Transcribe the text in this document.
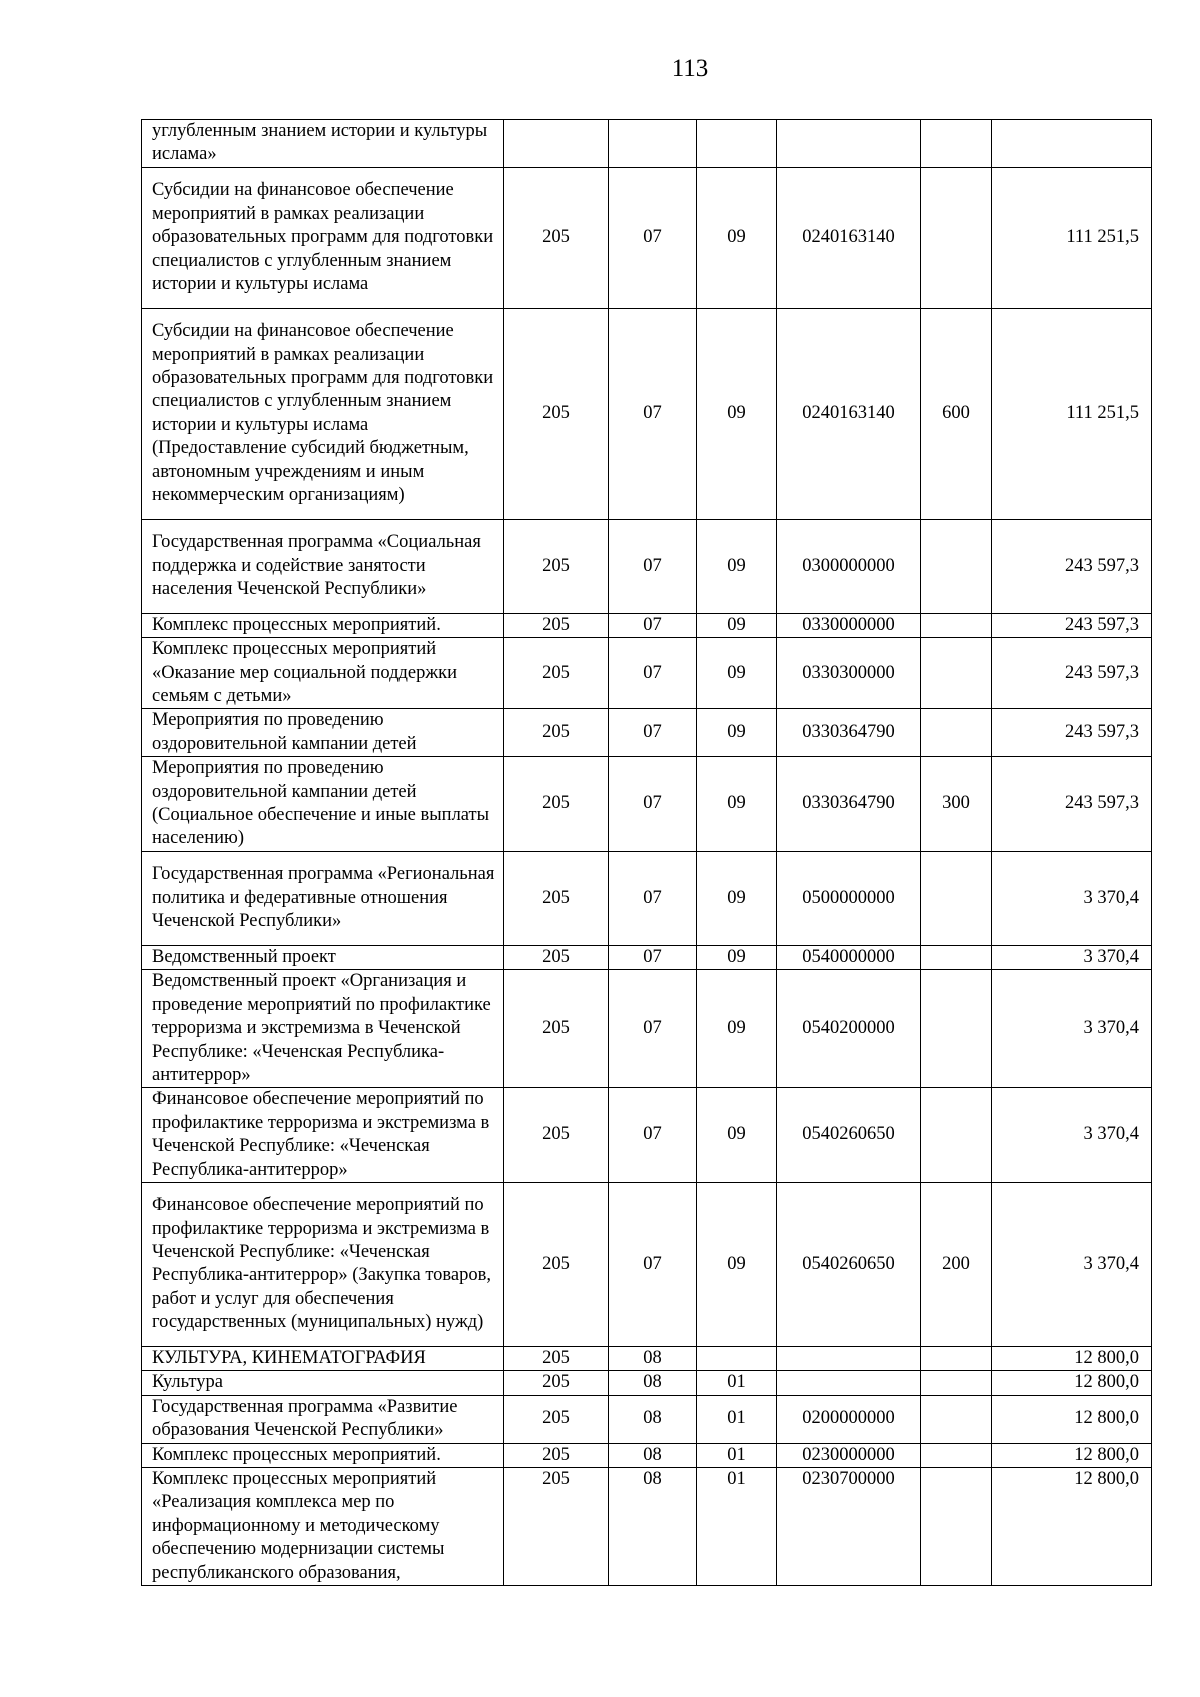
113
углубленным знанием истории и культуры ислама»						
Субсидии на финансовое обеспечение мероприятий в рамках реализации образовательных программ для подготовки специалистов с углубленным знанием истории и культуры ислама	205	07	09	0240163140		111 251,5
Субсидии на финансовое обеспечение мероприятий в рамках реализации образовательных программ для подготовки специалистов с углубленным знанием истории и культуры ислама (Предоставление субсидий бюджетным, автономным учреждениям и иным некоммерческим организациям)	205	07	09	0240163140	600	111 251,5
Государственная программа «Социальная поддержка и содействие занятости населения Чеченской Республики»	205	07	09	0300000000		243 597,3
Комплекс процессных мероприятий.	205	07	09	0330000000		243 597,3
Комплекс процессных мероприятий «Оказание мер социальной поддержки семьям с детьми»	205	07	09	0330300000		243 597,3
Мероприятия по проведению оздоровительной кампании детей	205	07	09	0330364790		243 597,3
Мероприятия по проведению оздоровительной кампании детей (Социальное обеспечение и иные выплаты населению)	205	07	09	0330364790	300	243 597,3
Государственная программа «Региональная политика и федеративные отношения Чеченской Республики»	205	07	09	0500000000		3 370,4
Ведомственный проект	205	07	09	0540000000		3 370,4
Ведомственный проект «Организация и проведение мероприятий по профилактике терроризма и экстремизма в Чеченской Республике: «Чеченская Республика-антитеррор»	205	07	09	0540200000		3 370,4
Финансовое обеспечение мероприятий по профилактике терроризма и экстремизма в Чеченской Республике: «Чеченская Республика-антитеррор»	205	07	09	0540260650		3 370,4
Финансовое обеспечение мероприятий по профилактике терроризма и экстремизма в Чеченской Республике: «Чеченская Республика-антитеррор» (Закупка товаров, работ и услуг для обеспечения государственных (муниципальных) нужд)	205	07	09	0540260650	200	3 370,4
КУЛЬТУРА, КИНЕМАТОГРАФИЯ	205	08				12 800,0
Культура	205	08	01			12 800,0
Государственная программа «Развитие образования Чеченской Республики»	205	08	01	0200000000		12 800,0
Комплекс процессных мероприятий.	205	08	01	0230000000		12 800,0
Комплекс процессных мероприятий «Реализация комплекса мер по информационному и методическому обеспечению модернизации системы республиканского образования,	205	08	01	0230700000		12 800,0
